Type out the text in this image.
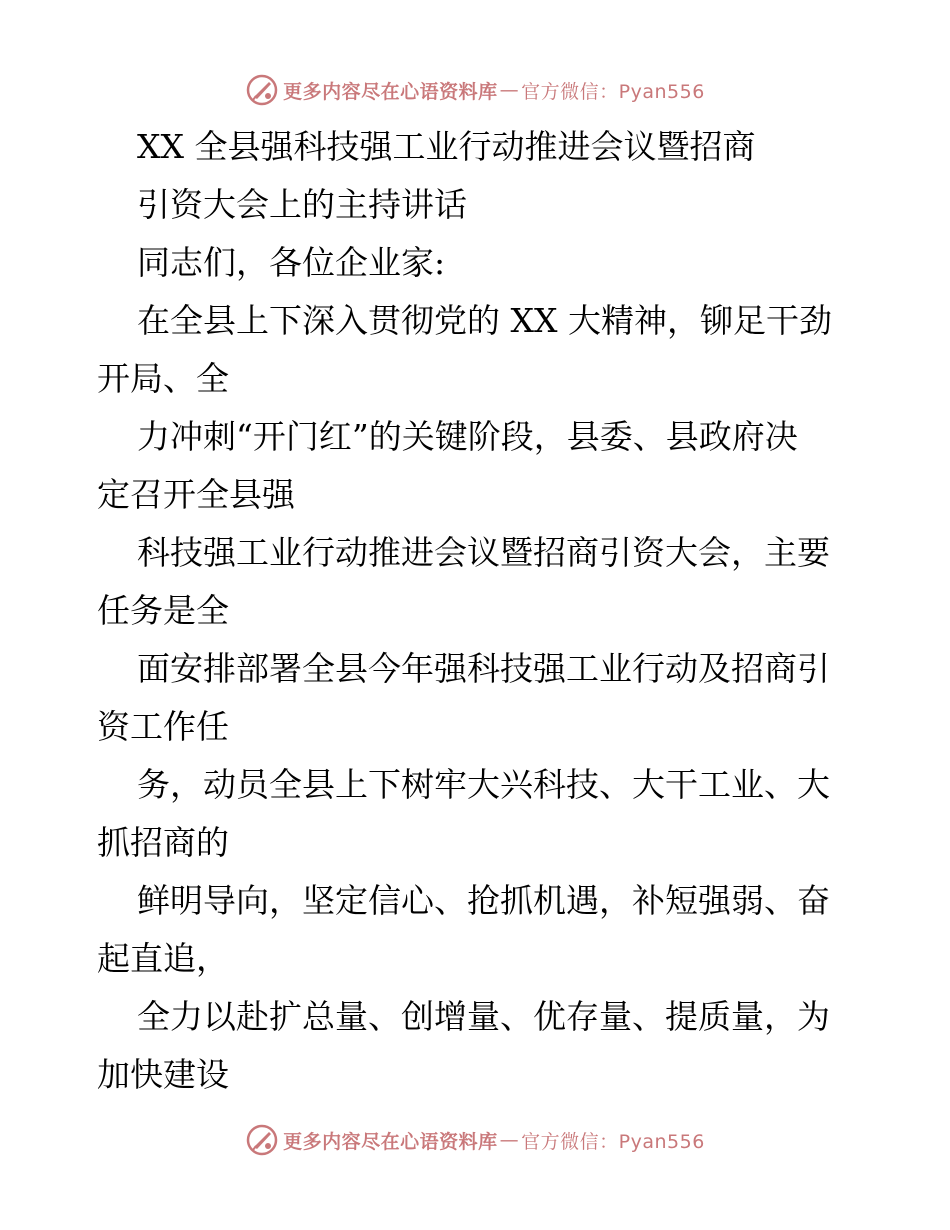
更多内容尽在心语资料库 — 官方微信：Pyan556
XX 全县强科技强工业行动推进会议暨招商
引资大会上的主持讲话
同志们，各位企业家:
在全县上下深入贯彻党的 XX 大精神，铆足干劲
开局、全
力冲刺“开门红”的关键阶段，县委、县政府决
定召开全县强
科技强工业行动推进会议暨招商引资大会，主要
任务是全
面安排部署全县今年强科技强工业行动及招商引
资工作任
务，动员全县上下树牢大兴科技、大干工业、大
抓招商的
鲜明导向，坚定信心、抢抓机遇，补短强弱、奋
起直追，
全力以赴扩总量、创增量、优存量、提质量，为
加快建设
更多内容尽在心语资料库 — 官方微信：Pyan556
